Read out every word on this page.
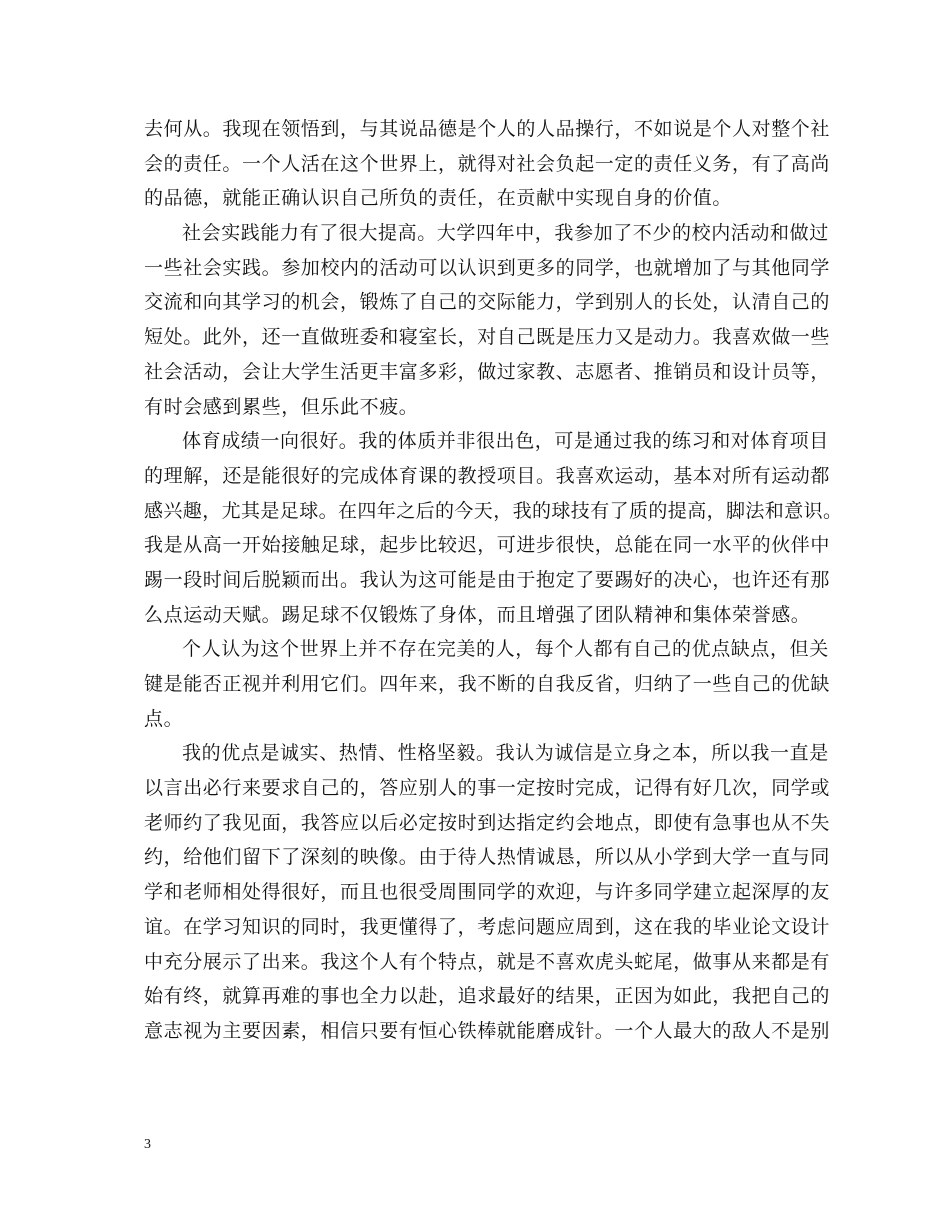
去何从。我现在领悟到，与其说品德是个人的人品操行，不如说是个人对整个社
会的责任。一个人活在这个世界上，就得对社会负起一定的责任义务，有了高尚
的品德，就能正确认识自己所负的责任，在贡献中实现自身的价值。
社会实践能力有了很大提高。大学四年中，我参加了不少的校内活动和做过
一些社会实践。参加校内的活动可以认识到更多的同学，也就增加了与其他同学
交流和向其学习的机会，锻炼了自己的交际能力，学到别人的长处，认清自己的
短处。此外，还一直做班委和寝室长，对自己既是压力又是动力。我喜欢做一些
社会活动，会让大学生活更丰富多彩，做过家教、志愿者、推销员和设计员等，
有时会感到累些，但乐此不疲。
体育成绩一向很好。我的体质并非很出色，可是通过我的练习和对体育项目
的理解，还是能很好的完成体育课的教授项目。我喜欢运动，基本对所有运动都
感兴趣，尤其是足球。在四年之后的今天，我的球技有了质的提高，脚法和意识。
我是从高一开始接触足球，起步比较迟，可进步很快，总能在同一水平的伙伴中
踢一段时间后脱颖而出。我认为这可能是由于抱定了要踢好的决心，也许还有那
么点运动天赋。踢足球不仅锻炼了身体，而且增强了团队精神和集体荣誉感。
个人认为这个世界上并不存在完美的人，每个人都有自己的优点缺点，但关
键是能否正视并利用它们。四年来，我不断的自我反省，归纳了一些自己的优缺
点。
我的优点是诚实、热情、性格坚毅。我认为诚信是立身之本，所以我一直是
以言出必行来要求自己的，答应别人的事一定按时完成，记得有好几次，同学或
老师约了我见面，我答应以后必定按时到达指定约会地点，即使有急事也从不失
约，给他们留下了深刻的映像。由于待人热情诚恳，所以从小学到大学一直与同
学和老师相处得很好，而且也很受周围同学的欢迎，与许多同学建立起深厚的友
谊。在学习知识的同时，我更懂得了，考虑问题应周到，这在我的毕业论文设计
中充分展示了出来。我这个人有个特点，就是不喜欢虎头蛇尾，做事从来都是有
始有终，就算再难的事也全力以赴，追求最好的结果，正因为如此，我把自己的
意志视为主要因素，相信只要有恒心铁棒就能磨成针。一个人最大的敌人不是别
3
